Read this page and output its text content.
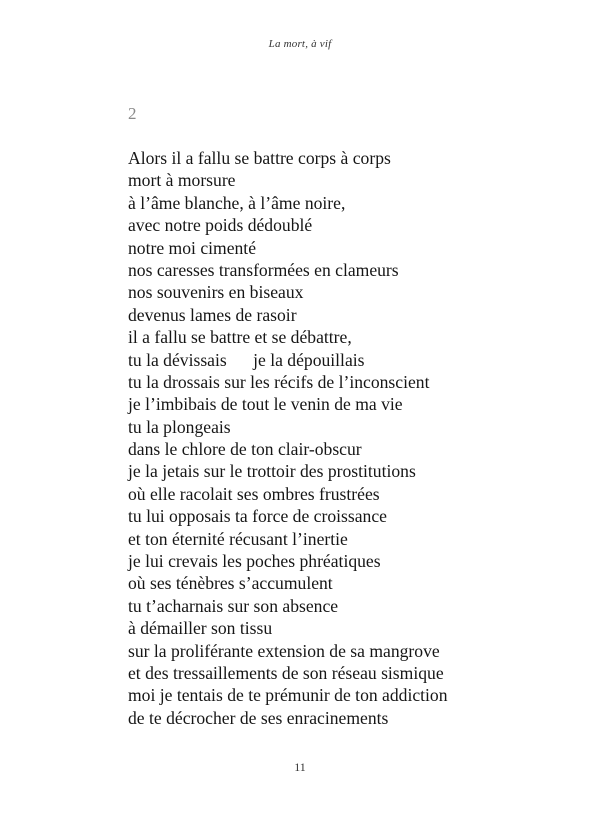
La mort, à vif
2
Alors il a fallu se battre corps à corps
mort à morsure
à l’âme blanche, à l’âme noire,
avec notre poids dédoublé
notre moi cimenté
nos caresses transformées en clameurs
nos souvenirs en biseaux
devenus lames de rasoir
il a fallu se battre et se débattre,
tu la dévissais      je la dépouillais
tu la drossais sur les récifs de l’inconscient
je l’imbibais de tout le venin de ma vie
tu la plongeais
dans le chlore de ton clair-obscur
je la jetais sur le trottoir des prostitutions
où elle racolait ses ombres frustrées
tu lui opposais ta force de croissance
et ton éternité récusant l’inertie
je lui crevais les poches phréatiques
où ses ténèbres s’accumulent
tu t’acharnais sur son absence
à démailler son tissu
sur la proliférante extension de sa mangrove
et des tressaillements de son réseau sismique
moi je tentais de te prémunir de ton addiction
de te décrocher de ses enracinements
11
